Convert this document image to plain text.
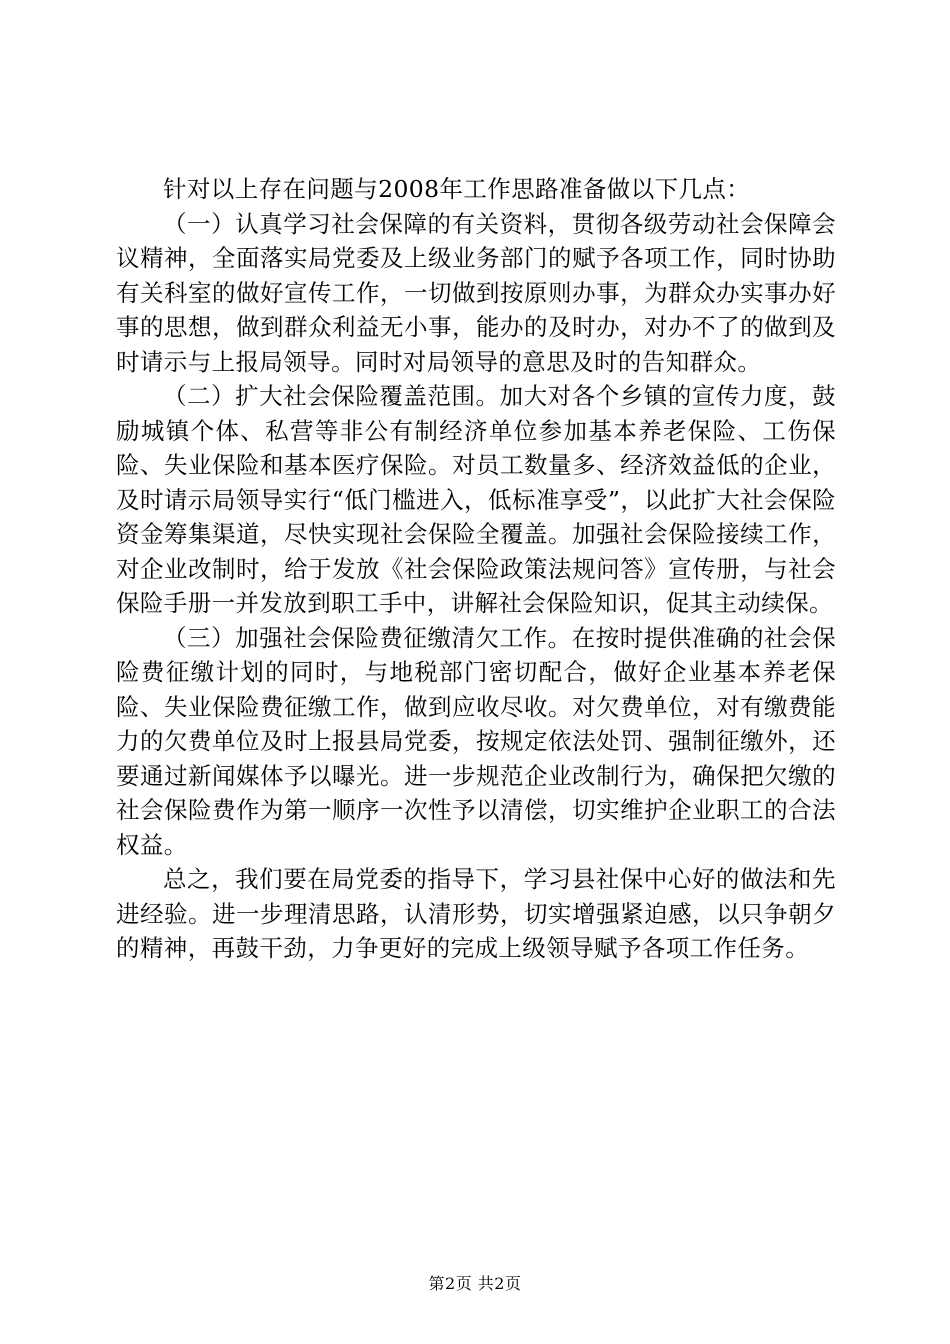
针对以上存在问题与2008年工作思路准备做以下几点：

（一）认真学习社会保障的有关资料，贯彻各级劳动社会保障会议精神，全面落实局党委及上级业务部门的赋予各项工作，同时协助有关科室的做好宣传工作，一切做到按原则办事，为群众办实事办好事的思想，做到群众利益无小事，能办的及时办，对办不了的做到及时请示与上报局领导。同时对局领导的意思及时的告知群众。

（二）扩大社会保险覆盖范围。加大对各个乡镇的宣传力度，鼓励城镇个体、私营等非公有制经济单位参加基本养老保险、工伤保险、失业保险和基本医疗保险。对员工数量多、经济效益低的企业，及时请示局领导实行“低门槛进入，低标准享受”，以此扩大社会保险资金筹集渠道，尽快实现社会保险全覆盖。加强社会保险接续工作，对企业改制时，给于发放《社会保险政策法规问答》宣传册，与社会保险手册一并发放到职工手中，讲解社会保险知识，促其主动续保。

（三）加强社会保险费征缴清欠工作。在按时提供准确的社会保险费征缴计划的同时，与地税部门密切配合，做好企业基本养老保险、失业保险费征缴工作，做到应收尽收。对欠费单位，对有缴费能力的欠费单位及时上报县局党委，按规定依法处罚、强制征缴外，还要通过新闻媒体予以曝光。进一步规范企业改制行为，确保把欠缴的社会保险费作为第一顺序一次性予以清偿，切实维护企业职工的合法权益。

总之，我们要在局党委的指导下，学习县社保中心好的做法和先进经验。进一步理清思路，认清形势，切实增强紧迫感，以只争朝夕的精神，再鼓干劲，力争更好的完成上级领导赋予各项工作任务。

第2页 共2页
